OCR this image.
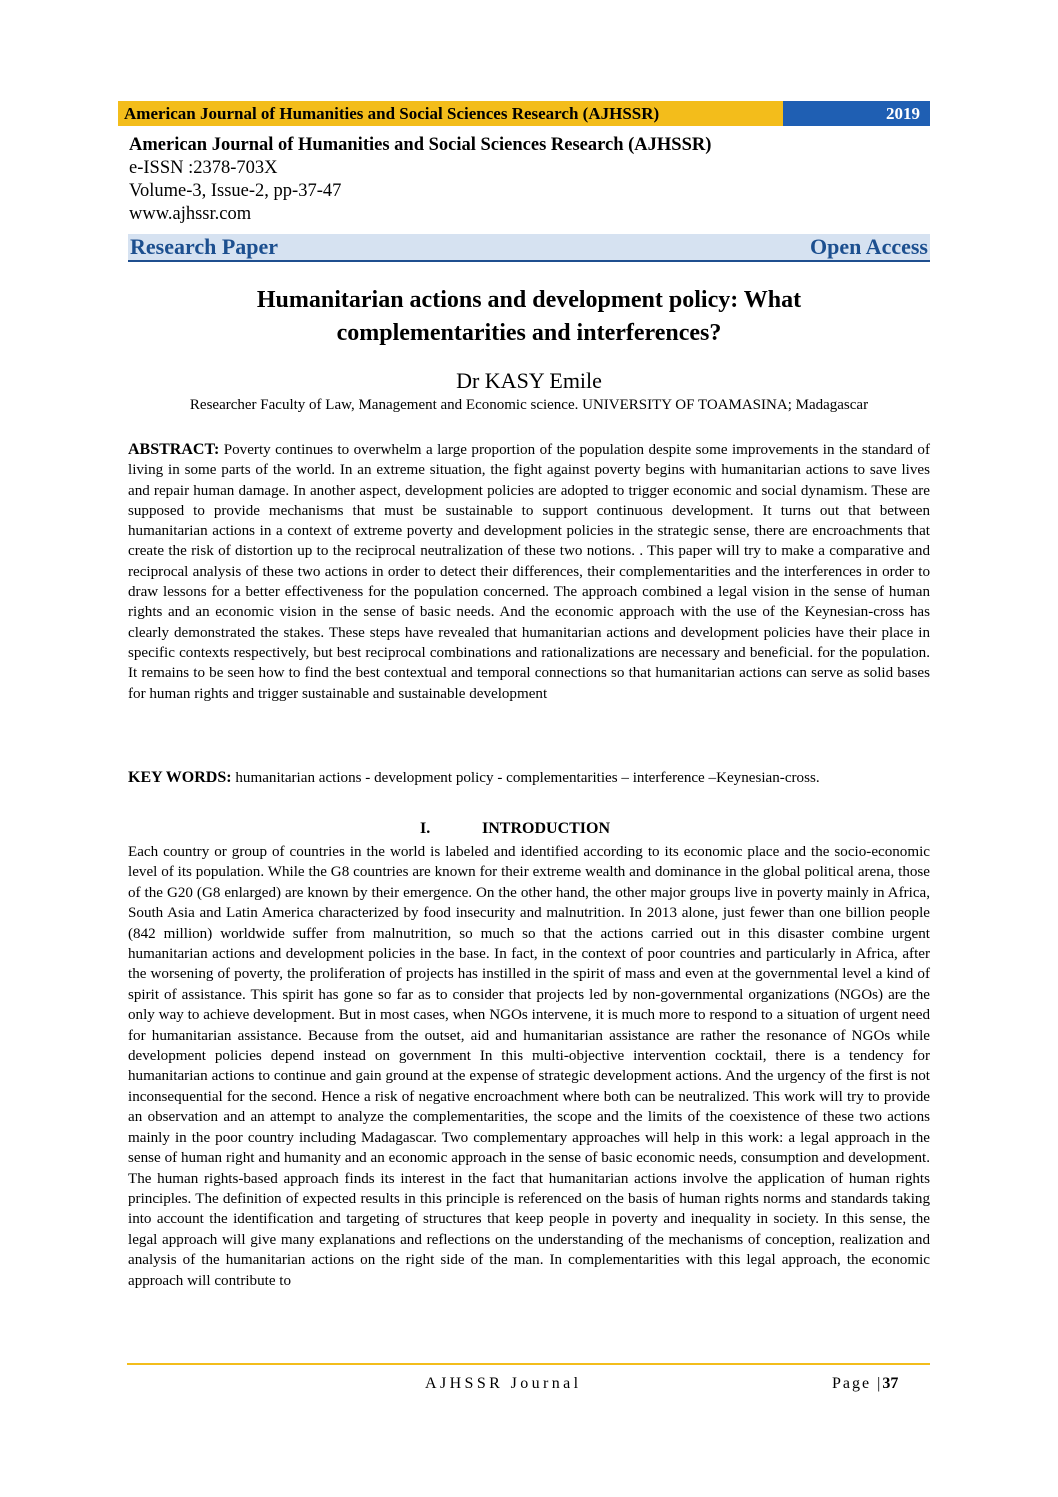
American Journal of Humanities and Social Sciences Research (AJHSSR)	2019
American Journal of Humanities and Social Sciences Research (AJHSSR)
e-ISSN :2378-703X
Volume-3, Issue-2, pp-37-47
www.ajhssr.com
Research Paper	Open Access
Humanitarian actions and development policy: What
complementarities and interferences?
Dr KASY Emile
Researcher Faculty of Law, Management and Economic science. UNIVERSITY OF TOAMASINA; Madagascar
ABSTRACT: Poverty continues to overwhelm a large proportion of the population despite some improvements in the standard of living in some parts of the world. In an extreme situation, the fight against poverty begins with humanitarian actions to save lives and repair human damage. In another aspect, development policies are adopted to trigger economic and social dynamism. These are supposed to provide mechanisms that must be sustainable to support continuous development. It turns out that between humanitarian actions in a context of extreme poverty and development policies in the strategic sense, there are encroachments that create the risk of distortion up to the reciprocal neutralization of these two notions. . This paper will try to make a comparative and reciprocal analysis of these two actions in order to detect their differences, their complementarities and the interferences in order to draw lessons for a better effectiveness for the population concerned. The approach combined a legal vision in the sense of human rights and an economic vision in the sense of basic needs. And the economic approach with the use of the Keynesian-cross has clearly demonstrated the stakes. These steps have revealed that humanitarian actions and development policies have their place in specific contexts respectively, but best reciprocal combinations and rationalizations are necessary and beneficial. for the population. It remains to be seen how to find the best contextual and temporal connections so that humanitarian actions can serve as solid bases for human rights and trigger sustainable and sustainable development
KEY WORDS: humanitarian actions - development policy - complementarities – interference –Keynesian-cross.
I.	INTRODUCTION
Each country or group of countries in the world is labeled and identified according to its economic place and the socio-economic level of its population. While the G8 countries are known for their extreme wealth and dominance in the global political arena, those of the G20 (G8 enlarged) are known by their emergence. On the other hand, the other major groups live in poverty mainly in Africa, South Asia and Latin America characterized by food insecurity and malnutrition. In 2013 alone, just fewer than one billion people (842 million) worldwide suffer from malnutrition, so much so that the actions carried out in this disaster combine urgent humanitarian actions and development policies in the base. In fact, in the context of poor countries and particularly in Africa, after the worsening of poverty, the proliferation of projects has instilled in the spirit of mass and even at the governmental level a kind of spirit of assistance. This spirit has gone so far as to consider that projects led by non-governmental organizations (NGOs) are the only way to achieve development. But in most cases, when NGOs intervene, it is much more to respond to a situation of urgent need for humanitarian assistance. Because from the outset, aid and humanitarian assistance are rather the resonance of NGOs while development policies depend instead on government In this multi-objective intervention cocktail, there is a tendency for humanitarian actions to continue and gain ground at the expense of strategic development actions. And the urgency of the first is not inconsequential for the second. Hence a risk of negative encroachment where both can be neutralized. This work will try to provide an observation and an attempt to analyze the complementarities, the scope and the limits of the coexistence of these two actions mainly in the poor country including Madagascar. Two complementary approaches will help in this work: a legal approach in the sense of human right and humanity and an economic approach in the sense of basic economic needs, consumption and development. The human rights-based approach finds its interest in the fact that humanitarian actions involve the application of human rights principles. The definition of expected results in this principle is referenced on the basis of human rights norms and standards taking into account the identification and targeting of structures that keep people in poverty and inequality in society. In this sense, the legal approach will give many explanations and reflections on the understanding of the mechanisms of conception, realization and analysis of the humanitarian actions on the right side of the man. In complementarities with this legal approach, the economic approach will contribute to
AJHSSR Journal	Page |37
